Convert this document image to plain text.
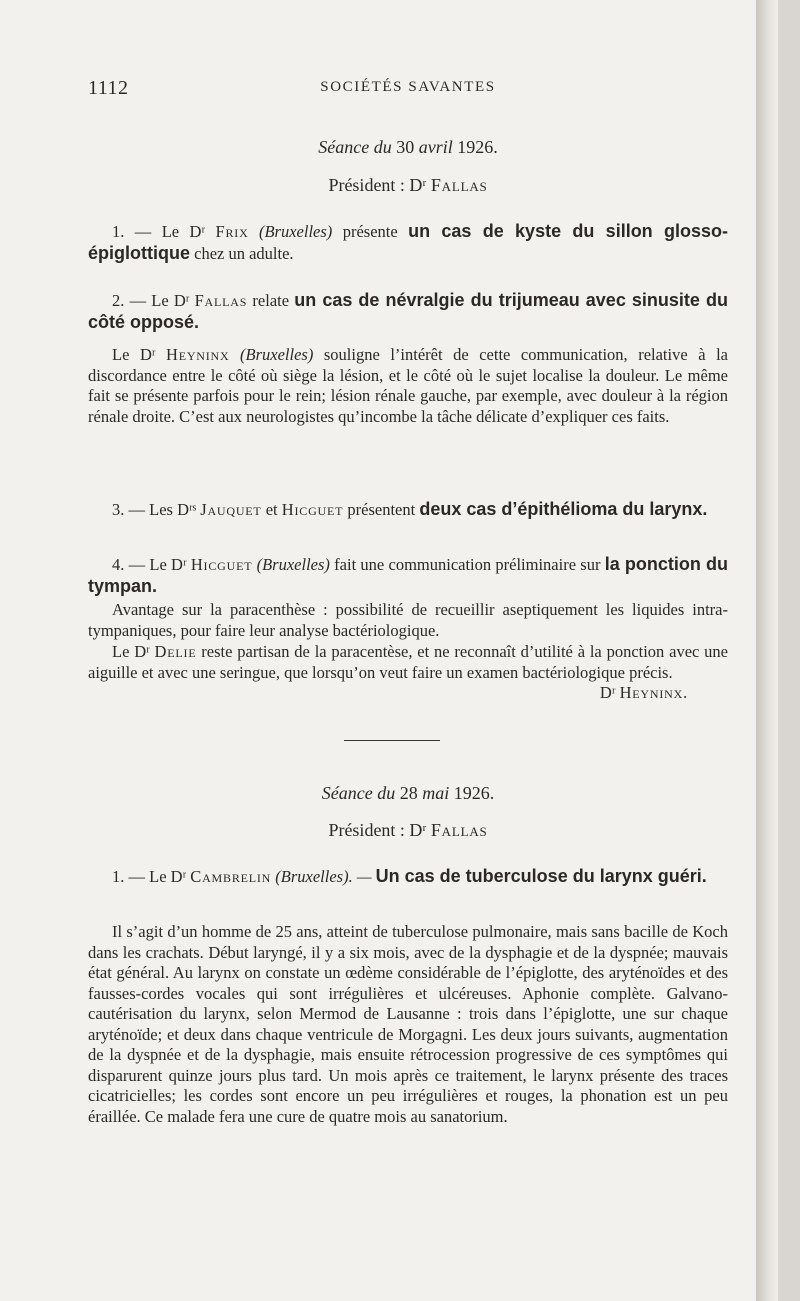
1112	SOCIÉTÉS SAVANTES
Séance du 30 avril 1926.
Président : Dʳ Fallas
1. — Le Dʳ Frix (Bruxelles) présente un cas de kyste du sillon glosso-épiglottique chez un adulte.
2. — Le Dʳ Fallas relate un cas de névralgie du trijumeau avec sinusite du côté opposé.
Le Dʳ Heyninx (Bruxelles) souligne l’intérêt de cette communication, relative à la discordance entre le côté où siège la lésion, et le côté où le sujet localise la douleur. Le même fait se présente parfois pour le rein; lésion rénale gauche, par exemple, avec douleur à la région rénale droite. C’est aux neurologistes qu’incombe la tâche délicate d’expliquer ces faits.
3. — Les Dʳˢ Jauquet et Hicguet présentent deux cas d’épithélioma du larynx.
4. — Le Dʳ Hicguet (Bruxelles) fait une communication préliminaire sur la ponction du tympan.
Avantage sur la paracenthèse : possibilité de recueillir aseptiquement les liquides intra-tympaniques, pour faire leur analyse bactériologique.
Le Dʳ Delie reste partisan de la paracentèse, et ne reconnaît d’utilité à la ponction avec une aiguille et avec une seringue, que lorsqu’on veut faire un examen bactériologique précis.
Dʳ Heyninx.
Séance du 28 mai 1926.
Président : Dʳ Fallas
1. — Le Dʳ Cambrelin (Bruxelles). — Un cas de tuberculose du larynx guéri.
Il s’agit d’un homme de 25 ans, atteint de tuberculose pulmonaire, mais sans bacille de Koch dans les crachats. Début laryngé, il y a six mois, avec de la dysphagie et de la dyspnée; mauvais état général. Au larynx on constate un œdème considérable de l’épiglotte, des aryténoïdes et des fausses-cordes vocales qui sont irrégulières et ulcéreuses. Aphonie complète. Galvano-cautérisation du larynx, selon Mermod de Lausanne : trois dans l’épiglotte, une sur chaque aryténoïde; et deux dans chaque ventricule de Morgagni. Les deux jours suivants, augmentation de la dyspnée et de la dysphagie, mais ensuite rétrocession progressive de ces symptômes qui disparurent quinze jours plus tard. Un mois après ce traitement, le larynx présente des traces cicatricielles; les cordes sont encore un peu irrégulières et rouges, la phonation est un peu éraillée. Ce malade fera une cure de quatre mois au sanatorium.
